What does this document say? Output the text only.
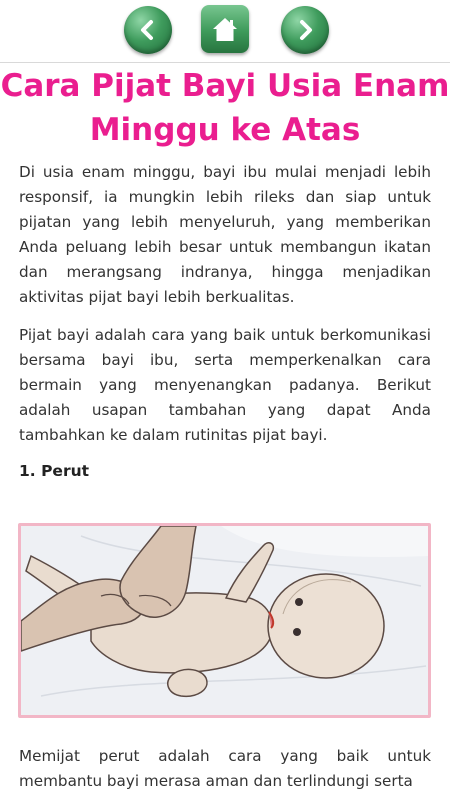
Cara Pijat Bayi Usia Enam Minggu ke Atas

Di usia enam minggu, bayi ibu mulai menjadi lebih responsif, ia mungkin lebih rileks dan siap untuk pijatan yang lebih menyeluruh, yang memberikan Anda peluang lebih besar untuk membangun ikatan dan merangsang indranya, hingga menjadikan aktivitas pijat bayi lebih berkualitas.

Pijat bayi adalah cara yang baik untuk berkomunikasi bersama bayi ibu, serta memperkenalkan cara bermain yang menyenangkan padanya. Berikut adalah usapan tambahan yang dapat Anda tambahkan ke dalam rutinitas pijat bayi.

1. Perut

Memijat perut adalah cara yang baik untuk membantu bayi merasa aman dan terlindungi serta
